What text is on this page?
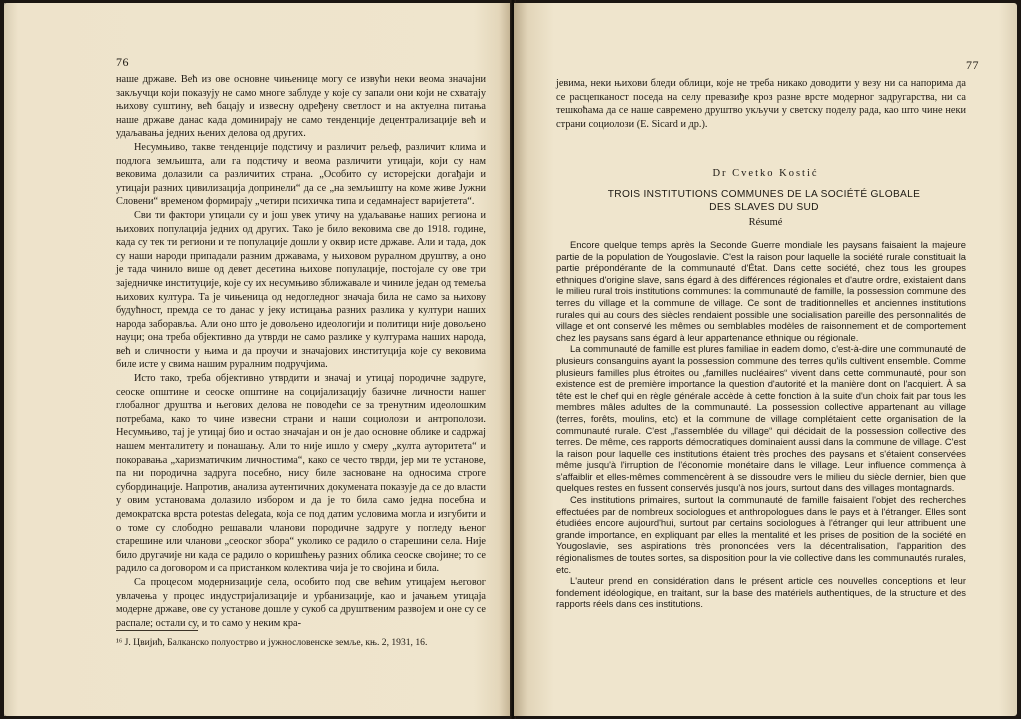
76

наше државе. Већ из ове основне чињенице могу се извући неки веома значајни закључци који показују не само многе заблуде у које су запали они који не схватају њихову суштину, већ бацају и извесну одређену светлост и на актуелна питања наше државе данас када доминирају не само тенденције децентрализације већ и удаљавања једних њених делова од других.

Несумњиво, такве тенденције подстичу и различит рељеф, различит клима и подлога земљишта, али га подстичу и веома различити утицаји, који су нам вековима долазили са различитих страна. „Особито су исторејски догађаји и утицаји разних цивилизација допринели“ да се „на земљишту на коме живе Јужни Словени“ временом формирају „четири психичка типа и седамнајест варијетета“.

Сви ти фактори утицали су и још увек утичу на удаљавање наших региона и њихових популација једних од других. Тако је било вековима све до 1918. године, када су тек ти региони и те популације дошли у оквир исте државе. Али и тада, док су наши народи припадали разним државама, у њиховом руралном друштву, а оно је тада чинило више од девет десетина њихове популације, постојале су ове три заједничке институције, које су их несумњиво зближавале и чиниле један од темеља њихових култура. Та је чињеница од недогледног значаја била не само за њихову будућност, премда се то данас у јеку истицања разних разлика у култури наших народа заборавља. Али оно што је довољено идеологији и политици није довољено науци; она треба објективно да утврди не само разлике у културама наших народа, већ и сличности у њима и да проучи и значајових институција које су вековима биле исте у свима нашим руралним подручјима.

Исто тако, треба објективно утврдити и значај и утицај породичне задруге, сеоске општине и сеоске општине на социјализацију базичне личности нашег глобалног друштва и његових делова не поводећи се за тренутним идеолошким потребама, како то чине извесни страни и наши социолози и антрополози. Несумњиво, тај је утицај био и остао значајан и он је дао основне облике и садржај нашем менталитету и понашању. Али то није ишло у смеру „култа ауторитета“ и покоравања „харизматичким личностима“, како се често тврди, јер ми те установе, па ни породична задруга посебно, нису биле засноване на односима строге субординације. Напротив, анализа аутентичних докумената показује да се до власти у овим установама долазило избором и да је то била само једна посебна и демократска врста potestas delegata, која се под датим условима могла и изгубити и о томе су слободно решавали чланови породичне задруге у погледу њеног старешине или чланови „сеоског збора“ уколико се радило о старешини села. Није било другачије ни када се радило о коришћењу разних облика сеоске својине; то се радило са договором и са пристанком колектива чија је то својина и била.

Са процесом модернизације села, особито под све већим утицајем његовог увлачења у процес индустријализације и урбанизације, као и јачањем утицаја модерне државе, ове су установе дошле у сукоб са друштвеним развојем и оне су се распале; остали су, и то само у неким кра-

¹⁶ Ј. Цвијић, Балканско полуострво и јужнословенске земље, књ. 2, 1931, 16.
77

јевима, неки њихови бледи облици, које не треба никако доводити у везу ни са напорима да се расцепканост поседа на селу превазиђе кроз разне врсте модерног задругарства, ни са тешкоћама да се наше савремено друштво укључи у светску поделу рада, као што чине неки страни социолози (E. Sicard и др.).

Dr Cvetko Kostić
TROIS INSTITUTIONS COMMUNES DE LA SOCIÉTÉ GLOBALE
DES SLAVES DU SUD
Résumé

Encore quelque temps après la Seconde Guerre mondiale les paysans faisaient la majeure partie de la population de Yougoslavie. C'est la raison pour laquelle la société rurale constituait la partie prépondérante de la communauté d'État. Dans cette société, chez tous les groupes ethniques d'origine slave, sans égard à des différences régionales et d'autre ordre, existaient dans le milieu rural trois institutions communes: la communauté de famille, la possession commune des terres du village et la commune de village. Ce sont de traditionnelles et anciennes institutions rurales qui au cours des siècles rendaient possible une socialisation pareille des personnalités de village et ont conservé les mêmes ou semblables modèles de raisonnement et de comportement chez les paysans sans égard à leur appartenance ethnique ou régionale.

La communauté de famille est plures familiae in eadem domo, c'est-à-dire une communauté de plusieurs consanguins ayant la possession commune des terres qu'ils cultivent ensemble. Comme plusieurs familles plus étroites ou „familles nucléaires“ vivent dans cette communauté, pour son existence est de première importance la question d'autorité et la manière dont on l'acquiert. À sa tête est le chef qui en règle générale accède à cette fonction à la suite d'un choix fait par tous les membres mâles adultes de la communauté. La possession collective appartenant au village (terres, forêts, moulins, etc) et la commune de village complétaient cette organisation de la communauté rurale. C'est „l'assemblée du village“ qui décidait de la possession collective des terres. De même, ces rapports démocratiques dominaient aussi dans la commune de village. C'est la raison pour laquelle ces institutions étaient très proches des paysans et s'étaient conservées même jusqu'à l'irruption de l'économie monétaire dans le village. Leur influence commença à s'affaiblir et elles-mêmes commencèrent à se dissoudre vers le milieu du siècle dernier, bien que quelques restes en fussent conservés jusqu'à nos jours, surtout dans des villages montagnards.

Ces institutions primaires, surtout la communauté de famille faisaient l'objet des recherches effectuées par de nombreux sociologues et anthropologues dans le pays et à l'étranger. Elles sont étudiées encore aujourd'hui, surtout par certains sociologues à l'étranger qui leur attribuent une grande importance, en expliquant par elles la mentalité et les prises de position de la société en Yougoslavie, ses aspirations très prononcées vers la décentralisation, l'apparition des régionalismes de toutes sortes, sa disposition pour la vie collective dans les communautés rurales, etc.

L'auteur prend en considération dans le présent article ces nouvelles conceptions et leur fondement idéologique, en traitant, sur la base des matériels authentiques, de la structure et des rapports réels dans ces institutions.
